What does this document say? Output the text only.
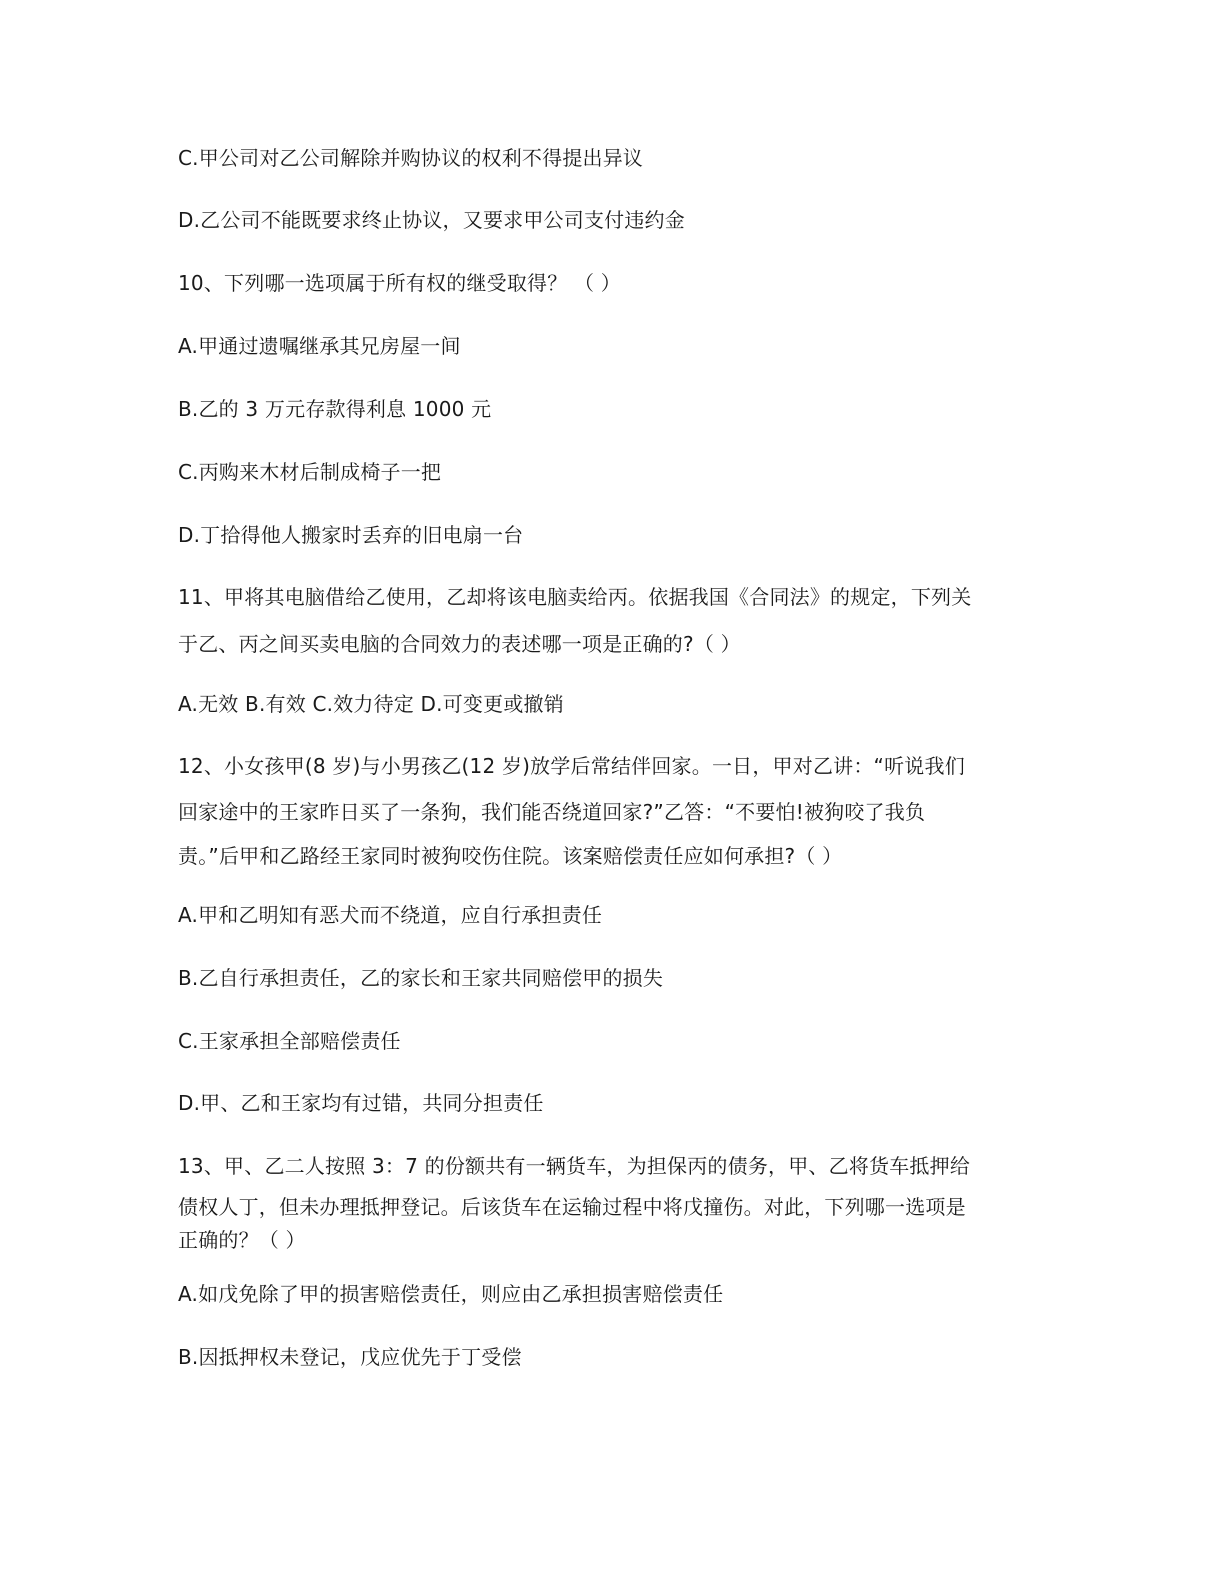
C.甲公司对乙公司解除并购协议的权利不得提出异议
D.乙公司不能既要求终止协议，又要求甲公司支付违约金
10、下列哪一选项属于所有权的继受取得？ （ ）
A.甲通过遗嘱继承其兄房屋一间
B.乙的 3 万元存款得利息 1000 元
C.丙购来木材后制成椅子一把
D.丁拾得他人搬家时丢弃的旧电扇一台
11、甲将其电脑借给乙使用，乙却将该电脑卖给丙。依据我国《合同法》的规定，下列关
于乙、丙之间买卖电脑的合同效力的表述哪一项是正确的?（ ）
A.无效 B.有效 C.效力待定 D.可变更或撤销
12、小女孩甲(8 岁)与小男孩乙(12 岁)放学后常结伴回家。一日，甲对乙讲：“听说我们
回家途中的王家昨日买了一条狗，我们能否绕道回家?”乙答：“不要怕!被狗咬了我负
责。”后甲和乙路经王家同时被狗咬伤住院。该案赔偿责任应如何承担?（ ）
A.甲和乙明知有恶犬而不绕道，应自行承担责任
B.乙自行承担责任，乙的家长和王家共同赔偿甲的损失
C.王家承担全部赔偿责任
D.甲、乙和王家均有过错，共同分担责任
13、甲、乙二人按照 3：7 的份额共有一辆货车，为担保丙的债务，甲、乙将货车抵押给
债权人丁，但未办理抵押登记。后该货车在运输过程中将戊撞伤。对此，下列哪一选项是
正确的？（ ）
A.如戊免除了甲的损害赔偿责任，则应由乙承担损害赔偿责任
B.因抵押权未登记，戊应优先于丁受偿
